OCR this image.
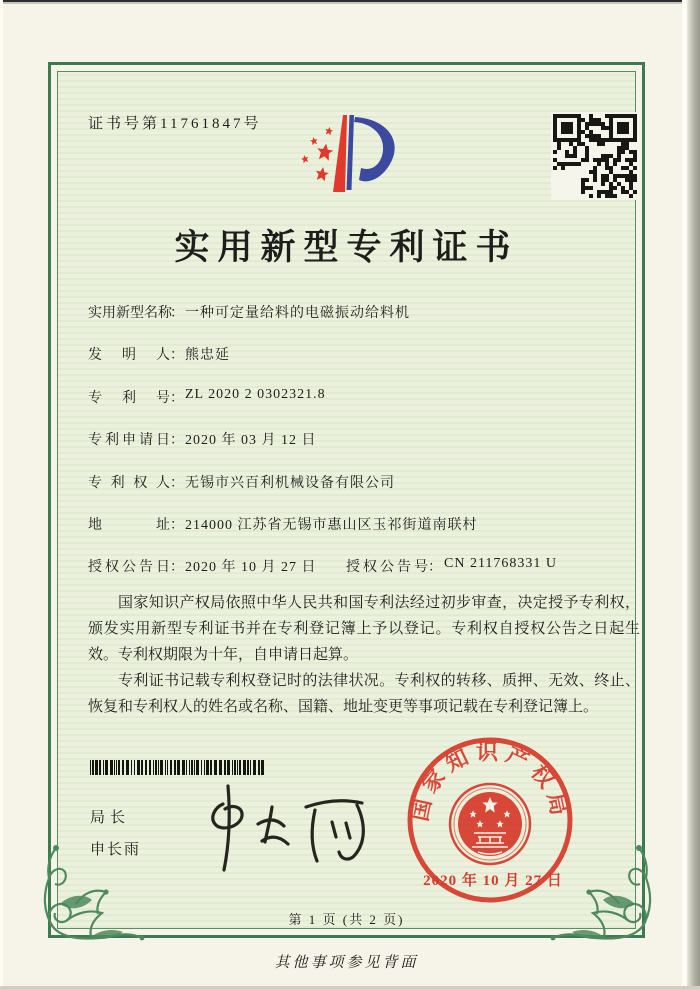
证书号第11761847号
实用新型专利证书
实用新型名称
： 一种可定量给料的电磁振动给料机
发明人 ： 熊忠延
专利号 ： ZL 2020 2 0302321.8
专利申请日 ： 2020 年 03 月 12 日
专利权人 ： 无锡市兴百利机械设备有限公司
地址 ： 214000 江苏省无锡市惠山区玉祁街道南联村
授权公告日 ： 2020 年 10 月 27 日 授权公告号 ： CN 211768331 U

国家知识产权局依照中华人民共和国专利法经过初步审查，决定授予专利权，颁发实用新型专利证书并在专利登记簿上予以登记。专利权自授权公告之日起生效。专利权期限为十年，自申请日起算。

专利证书记载专利权登记时的法律状况。专利权的转移、质押、无效、终止、恢复和专利权人的姓名或名称、国籍、地址变更等事项记载在专利登记簿上。

局长
申长雨
国家知识产权局
2020 年 10 月 27 日
第 1 页 (共 2 页)
其他事项参见背面
